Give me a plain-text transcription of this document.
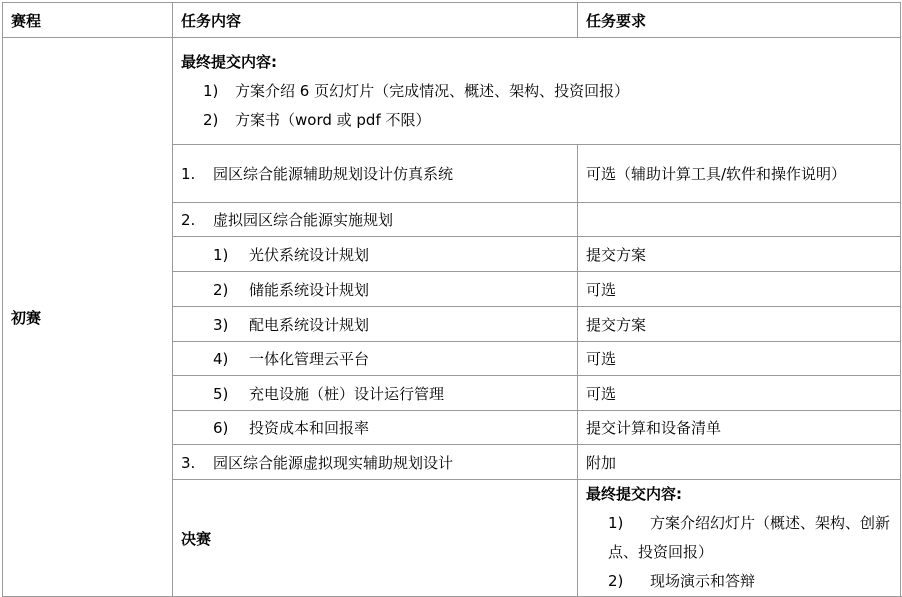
赛程	任务内容	任务要求
初赛	最终提交内容:
1) 方案介绍 6 页幻灯片（完成情况、概述、架构、投资回报）
2) 方案书（word 或 pdf 不限）	

	1. 园区综合能源辅助规划设计仿真系统	可选（辅助计算工具/软件和操作说明）
	2. 虚拟园区综合能源实施规划	
	1) 光伏系统设计规划	提交方案
	2) 储能系统设计规划	可选
	3) 配电系统设计规划	提交方案
	4) 一体化管理云平台	可选
	5) 充电设施（桩）设计运行管理	可选
	6) 投资成本和回报率	提交计算和设备清单
	3. 园区综合能源虚拟现实辅助规划设计	附加
	决赛	最终提交内容:
1) 方案介绍幻灯片（概述、架构、创新点、投资回报）
2) 现场演示和答辩
